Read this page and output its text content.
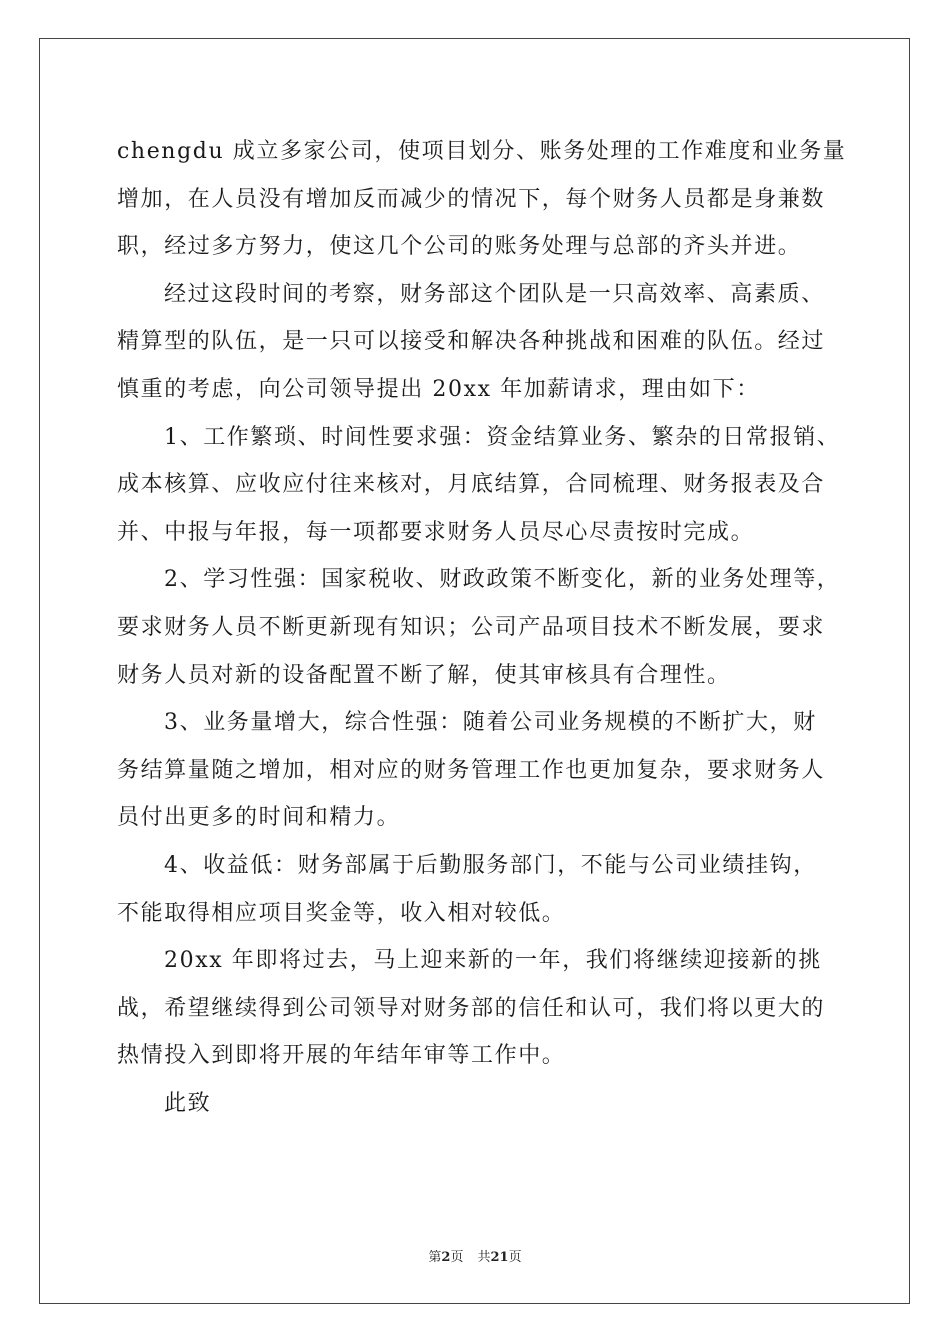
chengdu 成立多家公司，使项目划分、账务处理的工作难度和业务量
增加，在人员没有增加反而减少的情况下，每个财务人员都是身兼数
职，经过多方努力，使这几个公司的账务处理与总部的齐头并进。
经过这段时间的考察，财务部这个团队是一只高效率、高素质、
精算型的队伍，是一只可以接受和解决各种挑战和困难的队伍。经过
慎重的考虑，向公司领导提出 20xx 年加薪请求，理由如下：
1、工作繁琐、时间性要求强：资金结算业务、繁杂的日常报销、
成本核算、应收应付往来核对，月底结算，合同梳理、财务报表及合
并、中报与年报，每一项都要求财务人员尽心尽责按时完成。
2、学习性强：国家税收、财政政策不断变化，新的业务处理等，
要求财务人员不断更新现有知识；公司产品项目技术不断发展，要求
财务人员对新的设备配置不断了解，使其审核具有合理性。
3、业务量增大，综合性强：随着公司业务规模的不断扩大，财
务结算量随之增加，相对应的财务管理工作也更加复杂，要求财务人
员付出更多的时间和精力。
4、收益低：财务部属于后勤服务部门，不能与公司业绩挂钩，
不能取得相应项目奖金等，收入相对较低。
20xx 年即将过去，马上迎来新的一年，我们将继续迎接新的挑
战，希望继续得到公司领导对财务部的信任和认可，我们将以更大的
热情投入到即将开展的年结年审等工作中。
此致
第2页 共21页
